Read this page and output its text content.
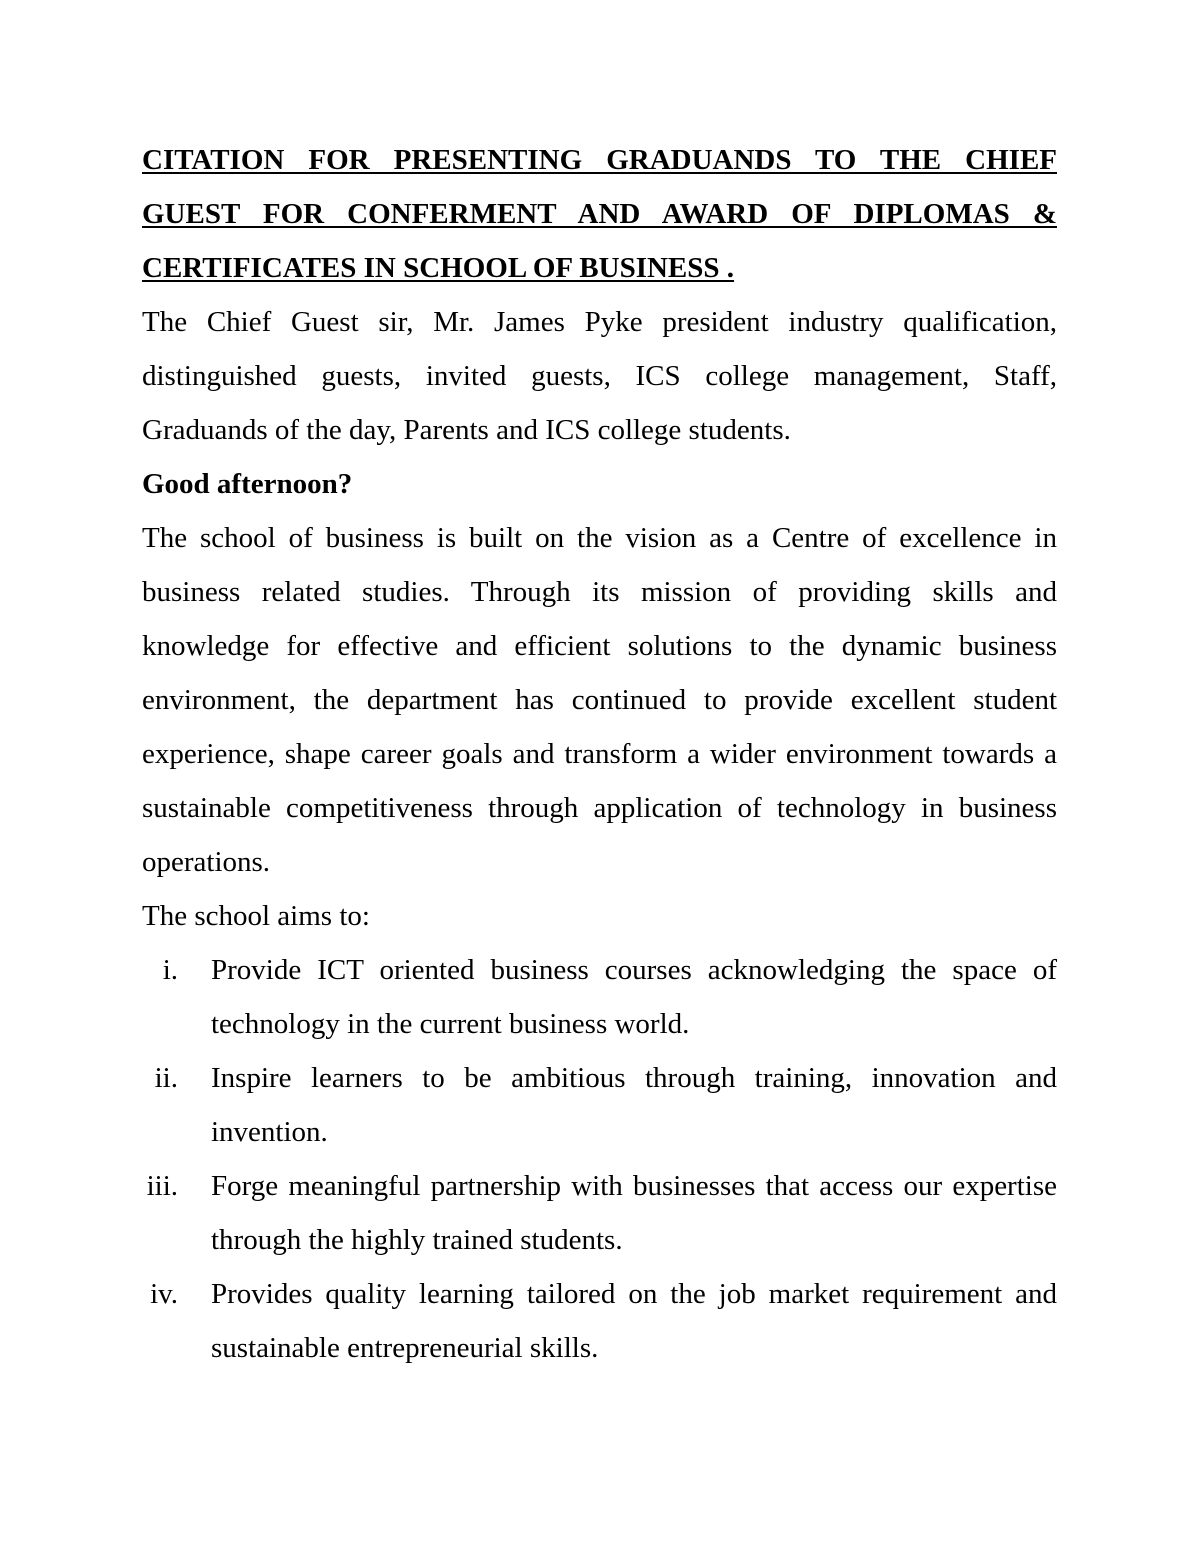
CITATION FOR PRESENTING GRADUANDS TO THE CHIEF GUEST FOR CONFERMENT AND AWARD OF DIPLOMAS & CERTIFICATES IN SCHOOL OF BUSINESS .

The Chief Guest sir, Mr. James Pyke president industry qualification, distinguished guests, invited guests, ICS college management, Staff, Graduands of the day, Parents and ICS college students.

Good afternoon?

The school of business is built on the vision as a Centre of excellence in business related studies. Through its mission of providing skills and knowledge for effective and efficient solutions to the dynamic business environment, the department has continued to provide excellent student experience, shape career goals and transform a wider environment towards a sustainable competitiveness through application of technology in business operations.

The school aims to:

i. Provide ICT oriented business courses acknowledging the space of technology in the current business world.
ii. Inspire learners to be ambitious through training, innovation and invention.
iii. Forge meaningful partnership with businesses that access our expertise through the highly trained students.
iv. Provides quality learning tailored on the job market requirement and sustainable entrepreneurial skills.
